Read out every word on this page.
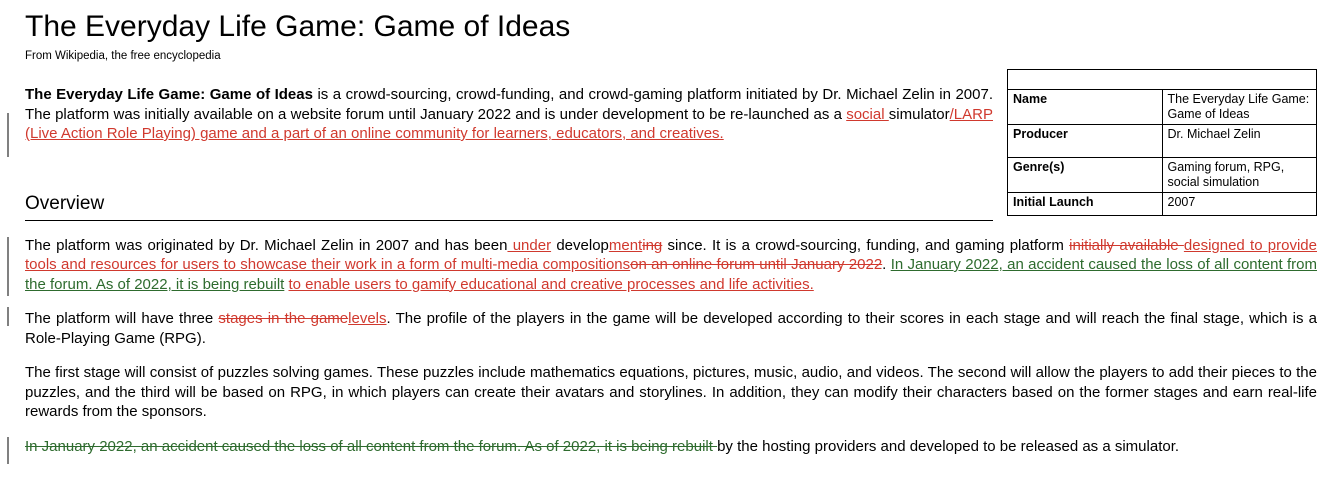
The Everyday Life Game: Game of Ideas
From Wikipedia, the free encyclopedia

Name	The Everyday Life Game: Game of Ideas
Producer	Dr. Michael Zelin
Genre(s)	Gaming forum, RPG, social simulation
Initial Launch	2007

The Everyday Life Game: Game of Ideas is a crowd-sourcing, crowd-funding, and crowd-gaming platform initiated by Dr. Michael Zelin in 2007. The platform was initially available on a website forum until January 2022 and is under development to be re-launched as a social simulator/LARP (Live Action Role Playing) game and a part of an online community for learners, educators, and creatives.

Overview

The platform was originated by Dr. Michael Zelin in 2007 and has been under developmenting since. It is a crowd-sourcing, funding, and gaming platform initially available designed to provide tools and resources for users to showcase their work in a form of multi-media compositionson an online forum until January 2022. In January 2022, an accident caused the loss of all content from the forum. As of 2022, it is being rebuilt to enable users to gamify educational and creative processes and life activities.

The platform will have three stages in the gamelevels. The profile of the players in the game will be developed according to their scores in each stage and will reach the final stage, which is a Role-Playing Game (RPG).

The first stage will consist of puzzles solving games. These puzzles include mathematics equations, pictures, music, audio, and videos. The second will allow the players to add their pieces to the puzzles, and the third will be based on RPG, in which players can create their avatars and storylines. In addition, they can modify their characters based on the former stages and earn real-life rewards from the sponsors.

In January 2022, an accident caused the loss of all content from the forum. As of 2022, it is being rebuilt by the hosting providers and developed to be released as a simulator.
